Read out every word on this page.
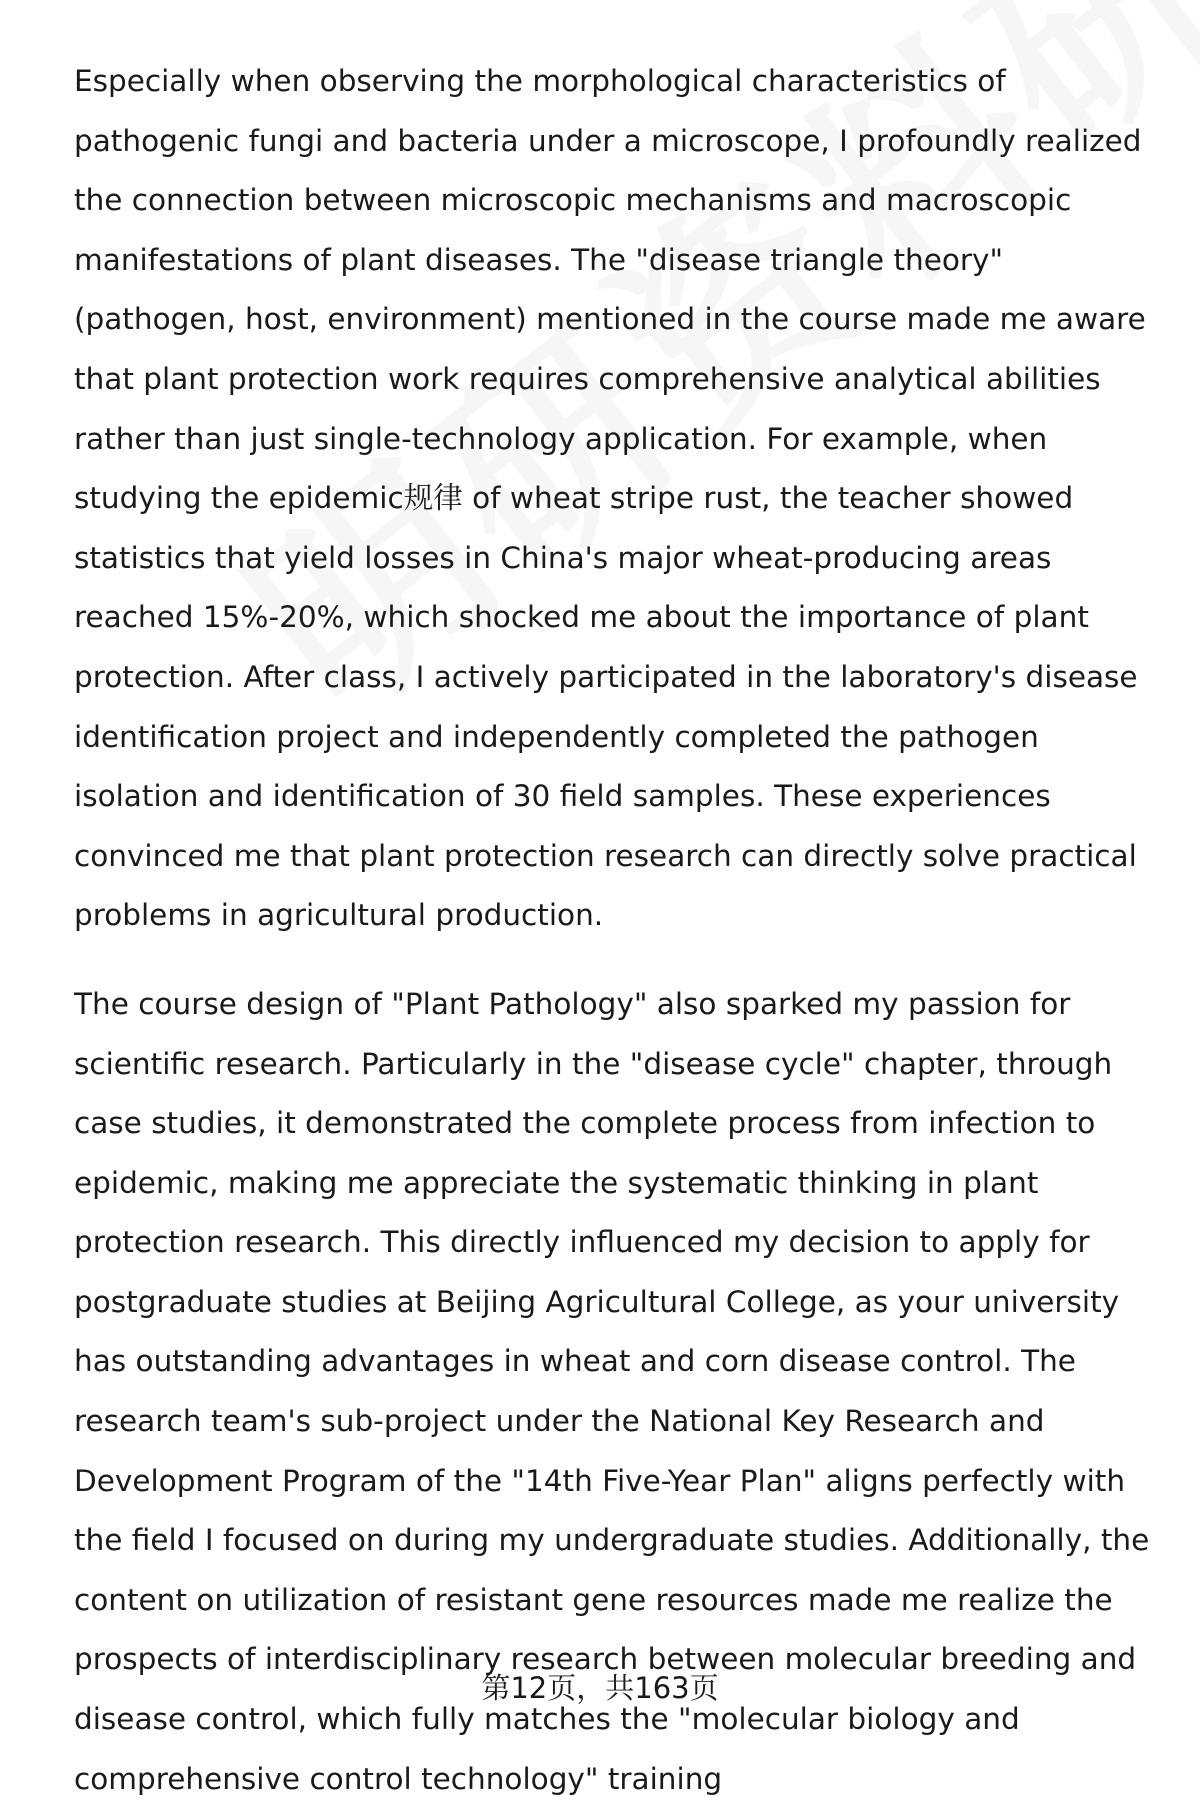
Especially when observing the morphological characteristics of pathogenic fungi and bacteria under a microscope, I profoundly realized the connection between microscopic mechanisms and macroscopic manifestations of plant diseases. The "disease triangle theory" (pathogen, host, environment) mentioned in the course made me aware that plant protection work requires comprehensive analytical abilities rather than just single-technology application. For example, when studying the epidemic规律 of wheat stripe rust, the teacher showed statistics that yield losses in China's major wheat-producing areas reached 15%-20%, which shocked me about the importance of plant protection. After class, I actively participated in the laboratory's disease identification project and independently completed the pathogen isolation and identification of 30 field samples. These experiences convinced me that plant protection research can directly solve practical problems in agricultural production.

The course design of "Plant Pathology" also sparked my passion for scientific research. Particularly in the "disease cycle" chapter, through case studies, it demonstrated the complete process from infection to epidemic, making me appreciate the systematic thinking in plant protection research. This directly influenced my decision to apply for postgraduate studies at Beijing Agricultural College, as your university has outstanding advantages in wheat and corn disease control. The research team's sub-project under the National Key Research and Development Program of the "14th Five-Year Plan" aligns perfectly with the field I focused on during my undergraduate studies. Additionally, the content on utilization of resistant gene resources made me realize the prospects of interdisciplinary research between molecular breeding and disease control, which fully matches the "molecular biology and comprehensive control technology" training

第12页，共163页
